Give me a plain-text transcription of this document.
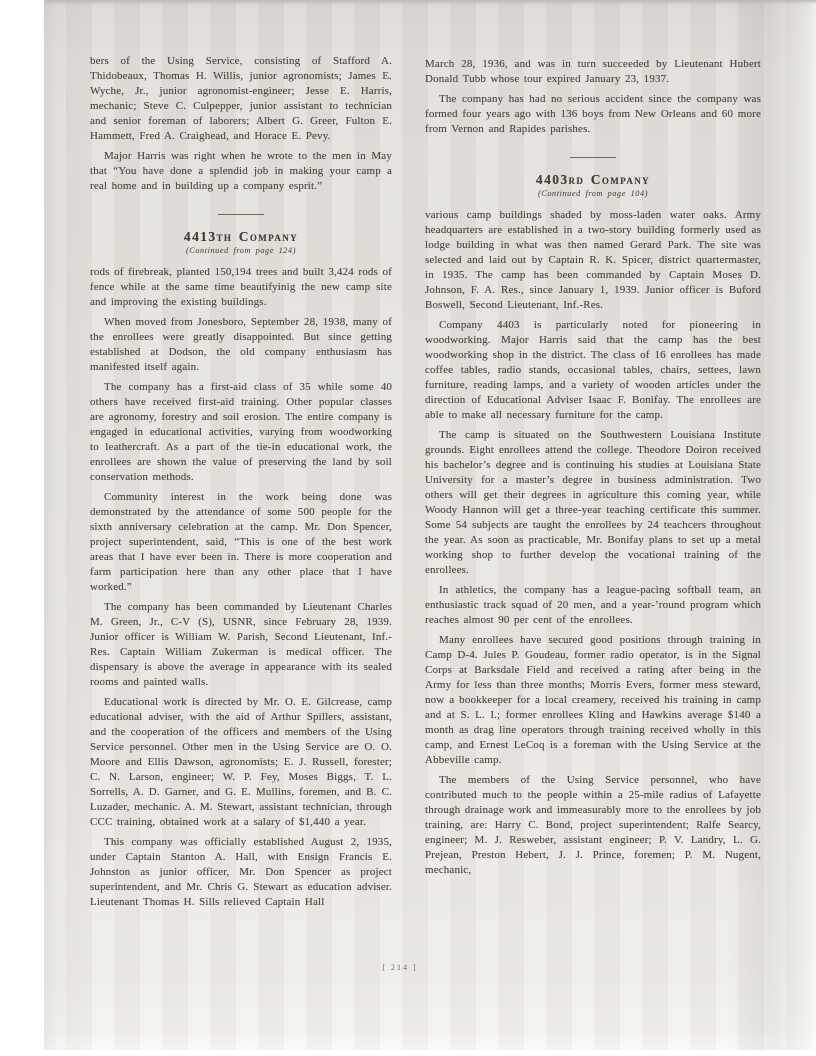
bers of the Using Service, consisting of Stafford A. Thidobeaux, Thomas H. Willis, junior agronomists; James E. Wyche, Jr., junior agronomist-engineer; Jesse E. Harris, mechanic; Steve C. Culpepper, junior assistant to technician and senior foreman of laborers; Albert G. Greer, Fulton E. Hammett, Fred A. Craighead, and Horace E. Pevy.

Major Harris was right when he wrote to the men in May that “You have done a splendid job in making your camp a real home and in building up a company esprit.”

4413th Company
(Continued from page 124)

rods of firebreak, planted 150,194 trees and built 3,424 rods of fence while at the same time beautifyinig the new camp site and improving the existing buildings.

When moved from Jonesboro, September 28, 1938, many of the enrollees were greatly disappointed. But since getting established at Dodson, the old company enthusiasm has manifested itself again.

The company has a first-aid class of 35 while some 40 others have received first-aid training. Other popular classes are agronomy, forestry and soil erosion. The entire company is engaged in educational activities, varying from woodworking to leathercraft. As a part of the tie-in educational work, the enrollees are shown the value of preserving the land by soil conservation methods.

Community interest in the work being done was demonstrated by the attendance of some 500 people for the sixth anniversary celebration at the camp. Mr. Don Spencer, project superintendent, said, “This is one of the best work areas that I have ever been in. There is more cooperation and farm participation here than any other place that I have worked.”

The company has been commanded by Lieutenant Charles M. Green, Jr., C-V (S), USNR, since February 28, 1939. Junior officer is William W. Parish, Second Lieutenant, Inf.-Res. Captain William Zukerman is medical officer. The dispensary is above the average in appearance with its sealed rooms and painted walls.

Educational work is directed by Mr. O. E. Gilcrease, camp educational adviser, with the aid of Arthur Spillers, assistant, and the cooperation of the officers and members of the Using Service personnel. Other men in the Using Service are O. O. Moore and Ellis Dawson, agronomists; E. J. Russell, forester; C. N. Larson, engineer; W. P. Fey, Moses Biggs, T. L. Sorrells, A. D. Garner, and G. E. Mullins, foremen, and B. C. Luzader, mechanic. A. M. Stewart, assistant technician, through CCC training, obtained work at a salary of $1,440 a year.

This company was officially established August 2, 1935, under Captain Stanton A. Hall, with Ensign Francis E. Johnston as junior officer, Mr. Don Spencer as project superintendent, and Mr. Chris G. Stewart as education adviser. Lieutenant Thomas H. Sills relieved Captain Hall

March 28, 1936, and was in turn succeeded by Lieutenant Hubert Donald Tubb whose tour expired January 23, 1937.

The company has had no serious accident since the company was formed four years ago with 136 boys from New Orleans and 60 more from Vernon and Rapides parishes.

4403rd Company
(Continued from page 104)

various camp buildings shaded by moss-laden water oaks. Army headquarters are established in a two-story building formerly used as lodge building in what was then named Gerard Park. The site was selected and laid out by Captain R. K. Spicer, district quartermaster, in 1935. The camp has been commanded by Captain Moses D. Johnson, F. A. Res., since January 1, 1939. Junior officer is Buford Boswell, Second Lieutenant, Inf.-Res.

Company 4403 is particularly noted for pioneering in woodworking. Major Harris said that the camp has the best woodworking shop in the district. The class of 16 enrollees has made coffee tables, radio stands, occasional tables, chairs, settees, lawn furniture, reading lamps, and a variety of wooden articles under the direction of Educational Adviser Isaac F. Bonifay. The enrollees are able to make all necessary furniture for the camp.

The camp is situated on the Southwestern Louisiana Institute grounds. Eight enrollees attend the college. Theodore Doiron received his bachelor’s degree and is continuing his studies at Louisiana State University for a master’s degree in business administration. Two others will get their degrees in agriculture this coming year, while Woody Hannon will get a three-year teaching certificate this summer. Some 54 subjects are taught the enrollees by 24 teachcers throughout the year. As soon as practicable, Mr. Bonifay plans to set up a metal working shop to further develop the vocational training of the enrollees.

In athletics, the company has a league-pacing softball team, an enthusiastic track squad of 20 men, and a year-’round program which reaches almost 90 per cent of the enrollees.

Many enrollees have secured good positions through training in Camp D-4. Jules P. Goudeau, former radio operator, is in the Signal Corps at Barksdale Field and received a rating after being in the Army for less than three months; Morris Evers, former mess steward, now a bookkeeper for a local creamery, received his training in camp and at S. L. I.; former enrollees Kling and Hawkins average $140 a month as drag line operators through training received wholly in this camp, and Ernest LeCoq is a foreman with the Using Service at the Abbeville camp.

The members of the Using Service personnel, who have contributed much to the people within a 25-mile radius of Lafayette through drainage work and immeasurably more to the enrollees by job training, are: Harry C. Bond, project superintendent; Ralfe Searcy, engineer; M. J. Resweber, assistant engineer; P. V. Landry, L. G. Prejean, Preston Hebert, J. J. Prince, foremen; P. M. Nugent, mechanic,

[ 214 ]
